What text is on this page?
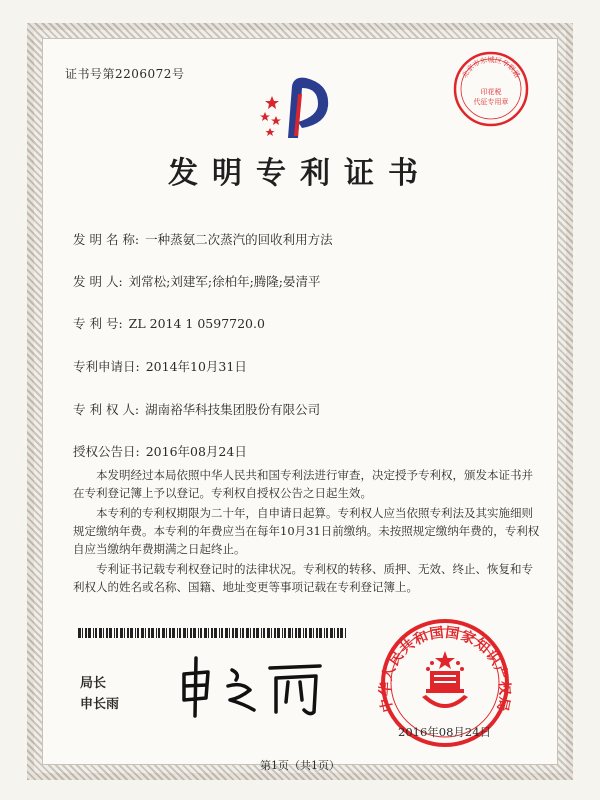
证书号第2206072号	北京市东城区华联路
印花税
代征专用章
发明专利证书
发 明 名 称: 一种蒸氨二次蒸汽的回收利用方法
发 明 人: 刘常松;刘建军;徐柏年;腾隆;晏清平
专 利 号: ZL 2014 1 0597720.0
专利申请日: 2014年10月31日
专 利 权 人: 湖南裕华科技集团股份有限公司
授权公告日: 2016年08月24日

本发明经过本局依照中华人民共和国专利法进行审查，决定授予专利权，颁发本证书并在专利登记簿上予以登记。专利权自授权公告之日起生效。

本专利的专利权期限为二十年，自申请日起算。专利权人应当依照专利法及其实施细则规定缴纳年费。本专利的年费应当在每年10月31日前缴纳。未按照规定缴纳年费的，专利权自应当缴纳年费期满之日起终止。

专利证书记载专利权登记时的法律状况。专利权的转移、质押、无效、终止、恢复和专利权人的姓名或名称、国籍、地址变更等事项记载在专利登记簿上。

局长
申长雨	中华人民共和国国家知识产权局
2016年08月24日
第1页（共1页）
